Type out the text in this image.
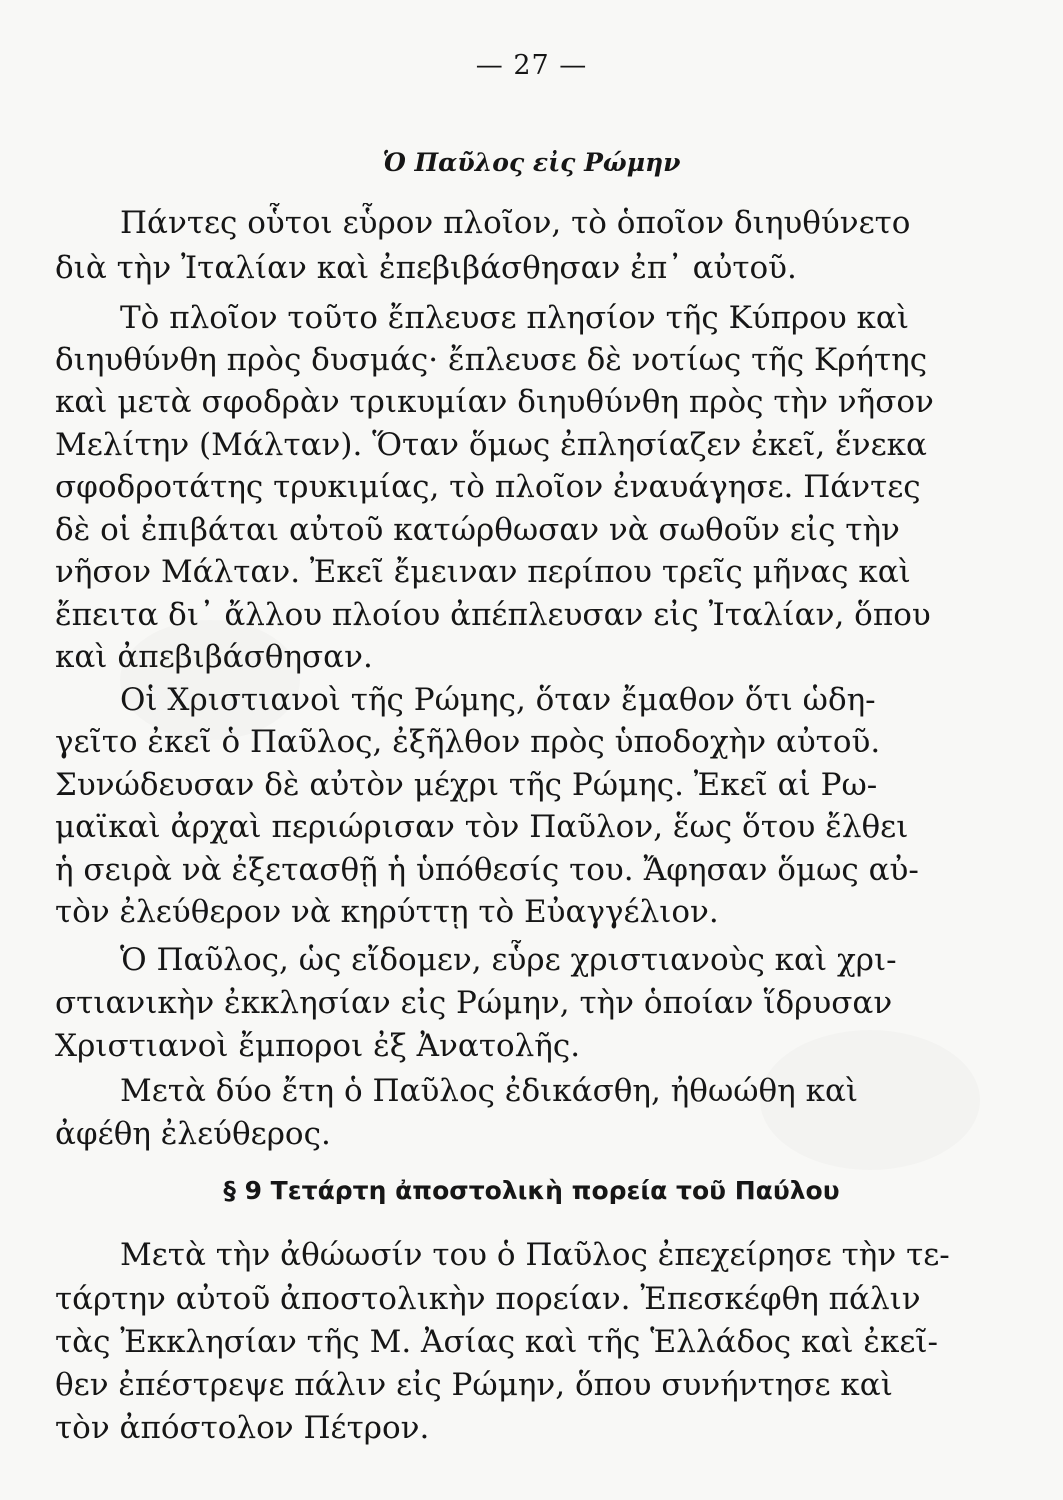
— 27 —
Ὁ Παῦλος εἰς Ρώμην
Πάντες οὗτοι εὗρον πλοῖον, τὸ ὁποῖον διηυθύνετο
διὰ τὴν Ἰταλίαν καὶ ἐπεβιβάσθησαν ἐπ᾿ αὐτοῦ.
Τὸ πλοῖον τοῦτο ἔπλευσε πλησίον τῆς Κύπρου καὶ
διηυθύνθη πρὸς δυσμάς· ἔπλευσε δὲ νοτίως τῆς Κρήτης
καὶ μετὰ σφοδρὰν τρικυμίαν διηυθύνθη πρὸς τὴν νῆσον
Μελίτην (Μάλταν). Ὅταν ὅμως ἐπλησίαζεν ἐκεῖ, ἕνεκα
σφοδροτάτης τρυκιμίας, τὸ πλοῖον ἐναυάγησε. Πάντες
δὲ οἱ ἐπιβάται αὐτοῦ κατώρθωσαν νὰ σωθοῦν εἰς τὴν
νῆσον Μάλταν. Ἐκεῖ ἔμειναν περίπου τρεῖς μῆνας καὶ
ἔπειτα δι᾿ ἄλλου πλοίου ἀπέπλευσαν εἰς Ἰταλίαν, ὅπου
καὶ ἀπεβιβάσθησαν.
Οἱ Χριστιανοὶ τῆς Ρώμης, ὅταν ἔμαθον ὅτι ὡδη-
γεῖτο ἐκεῖ ὁ Παῦλος, ἐξῆλθον πρὸς ὑποδοχὴν αὐτοῦ.
Συνώδευσαν δὲ αὐτὸν μέχρι τῆς Ρώμης. Ἐκεῖ αἱ Ρω-
μαϊκαὶ ἀρχαὶ περιώρισαν τὸν Παῦλον, ἕως ὅτου ἔλθει
ἡ σειρὰ νὰ ἐξετασθῇ ἡ ὑπόθεσίς του. Ἄφησαν ὅμως αὐ-
τὸν ἐλεύθερον νὰ κηρύττῃ τὸ Εὐαγγέλιον.
Ὁ Παῦλος, ὡς εἴδομεν, εὗρε χριστιανοὺς καὶ χρι-
στιανικὴν ἐκκλησίαν εἰς Ρώμην, τὴν ὁποίαν ἵδρυσαν
Χριστιανοὶ ἔμποροι ἐξ Ἀνατολῆς.
Μετὰ δύο ἔτη ὁ Παῦλος ἐδικάσθη, ἠθωώθη καὶ
ἀφέθη ἐλεύθερος.
§ 9 Τετάρτη ἀποστολικὴ πορεία τοῦ Παύλου
Μετὰ τὴν ἀθώωσίν του ὁ Παῦλος ἐπεχείρησε τὴν τε-
τάρτην αὐτοῦ ἀποστολικὴν πορείαν. Ἐπεσκέφθη πάλιν
τὰς Ἐκκλησίαν τῆς Μ. Ἀσίας καὶ τῆς Ἑλλάδος καὶ ἐκεῖ-
θεν ἐπέστρεψε πάλιν εἰς Ρώμην, ὅπου συνήντησε καὶ
τὸν ἀπόστολον Πέτρον.
